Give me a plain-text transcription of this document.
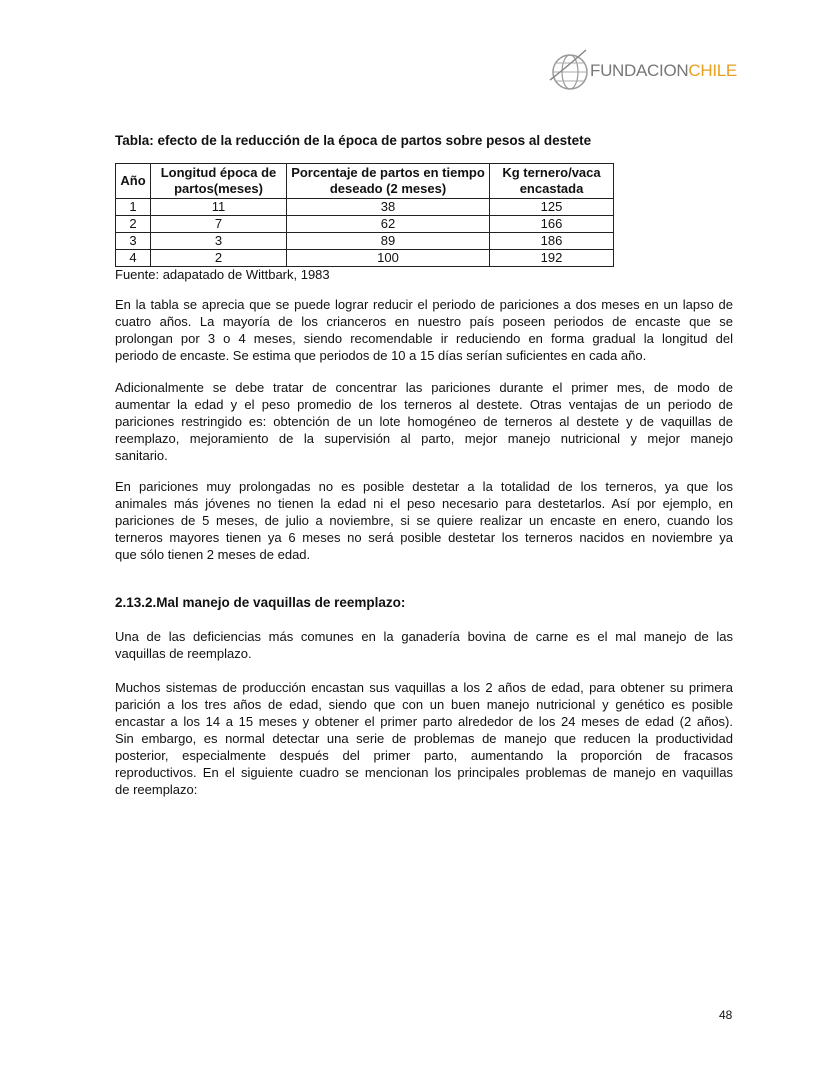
FUNDACIONCHILE
Tabla: efecto de la reducción de la época de partos sobre pesos al destete
Año	Longitud época de partos(meses)	Porcentaje de partos en tiempo deseado (2 meses)	Kg ternero/vaca encastada
1	11	38	125
2	7	62	166
3	3	89	186
4	2	100	192
Fuente: adapatado de Wittbark, 1983
En la tabla se aprecia que se puede lograr reducir el periodo de pariciones a dos meses en un lapso de
cuatro años. La mayoría de los crianceros en nuestro país poseen periodos de encaste que se
prolongan por 3 o 4 meses, siendo recomendable ir reduciendo en forma gradual la longitud del
periodo de encaste. Se estima que periodos de 10 a 15 días serían suficientes en cada año.
Adicionalmente se debe tratar de concentrar las pariciones durante el primer mes, de modo de
aumentar la edad y el peso promedio de los terneros al destete. Otras ventajas de un periodo de
pariciones restringido es: obtención de un lote homogéneo de terneros al destete y de vaquillas de
reemplazo, mejoramiento de la supervisión al parto, mejor manejo nutricional y mejor manejo
sanitario.
En pariciones muy prolongadas no es posible destetar a la totalidad de los terneros, ya que los
animales más jóvenes no tienen la edad ni el peso necesario para destetarlos. Así por ejemplo, en
pariciones de 5 meses, de julio a noviembre, si se quiere realizar un encaste en enero, cuando los
terneros mayores tienen ya 6 meses no será posible destetar los terneros nacidos en noviembre ya
que sólo tienen 2 meses de edad.
2.13.2.Mal manejo de vaquillas de reemplazo:
Una de las deficiencias más comunes en la ganadería bovina de carne es el mal manejo de las
vaquillas de reemplazo.
Muchos sistemas de producción encastan sus vaquillas a los 2 años de edad, para obtener su primera
parición a los tres años de edad, siendo que con un buen manejo nutricional y genético es posible
encastar a los 14 a 15 meses y obtener el primer parto alrededor de los 24 meses de edad (2 años).
Sin embargo, es normal detectar una serie de problemas de manejo que reducen la productividad
posterior, especialmente después del primer parto, aumentando la proporción de fracasos
reproductivos. En el siguiente cuadro se mencionan los principales problemas de manejo en vaquillas
de reemplazo:
48
